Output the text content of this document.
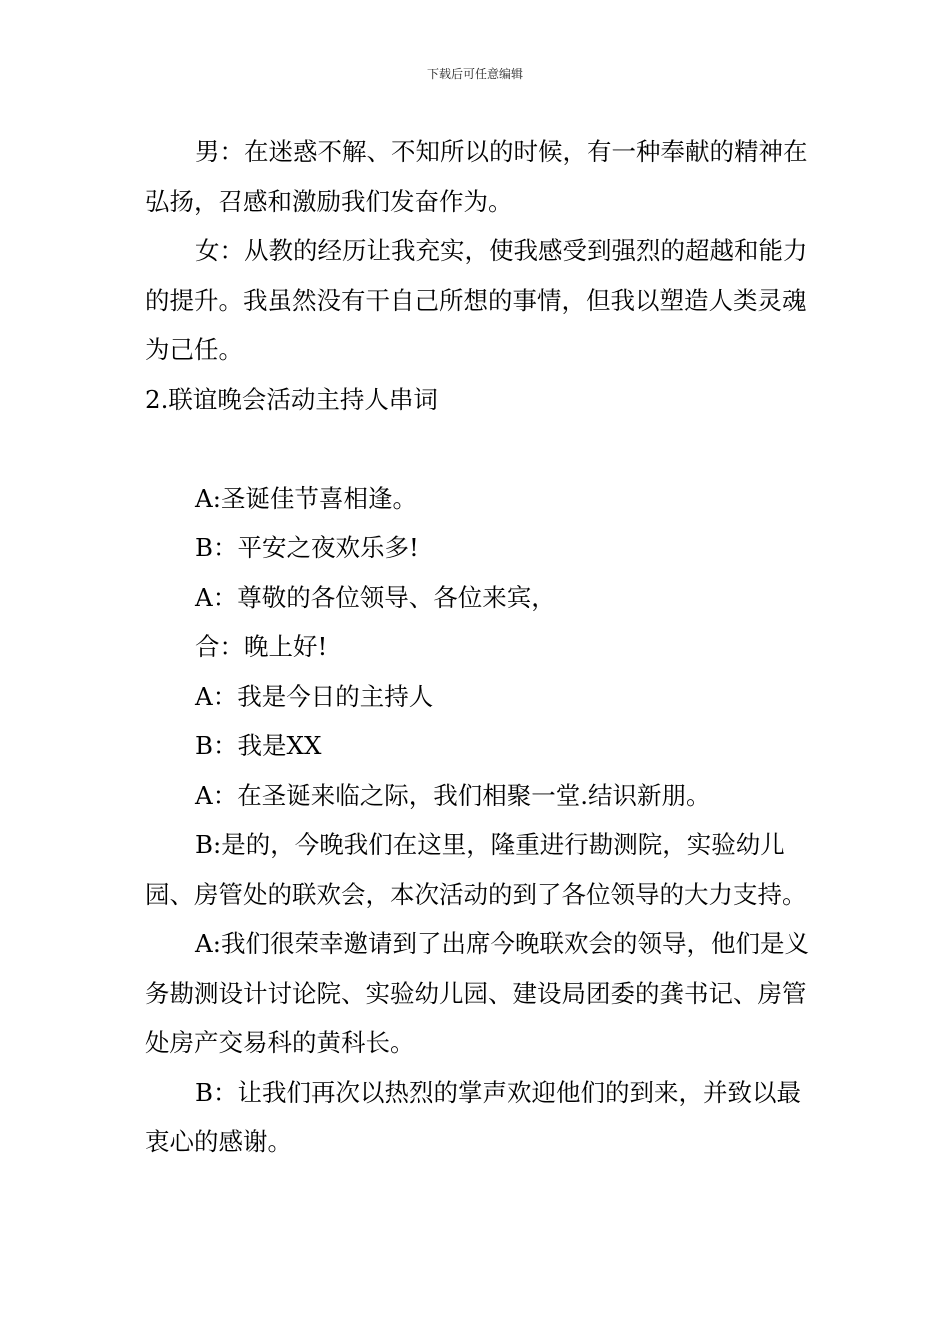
下载后可任意编辑

男：在迷惑不解、不知所以的时候，有一种奉献的精神在弘扬，召感和激励我们发奋作为。

女：从教的经历让我充实，使我感受到强烈的超越和能力的提升。我虽然没有干自己所想的事情，但我以塑造人类灵魂为己任。

2.联谊晚会活动主持人串词

A:圣诞佳节喜相逢。

B：平安之夜欢乐多!

A：尊敬的各位领导、各位来宾，

合：晚上好!

A：我是今日的主持人

B：我是XX

A：在圣诞来临之际，我们相聚一堂.结识新朋。

B:是的，今晚我们在这里，隆重进行勘测院，实验幼儿园、房管处的联欢会，本次活动的到了各位领导的大力支持。

A:我们很荣幸邀请到了出席今晚联欢会的领导，他们是义务勘测设计讨论院、实验幼儿园、建设局团委的龚书记、房管处房产交易科的黄科长。

B：让我们再次以热烈的掌声欢迎他们的到来，并致以最衷心的感谢。
